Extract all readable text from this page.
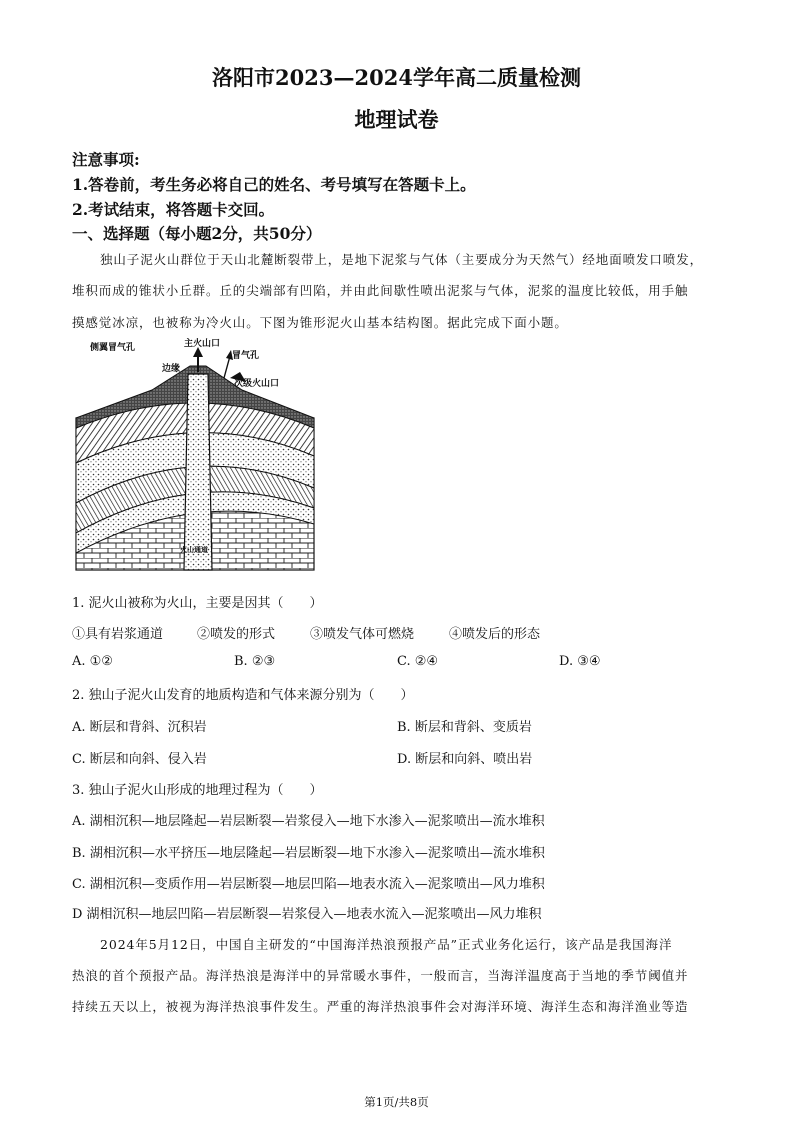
洛阳市2023—2024学年高二质量检测
地理试卷
注意事项:
1.答卷前，考生务必将自己的姓名、考号填写在答题卡上。
2.考试结束，将答题卡交回。
一、选择题（每小题2分，共50分）
独山子泥火山群位于天山北麓断裂带上，是地下泥浆与气体（主要成分为天然气）经地面喷发口喷发，
堆积而成的锥状小丘群。丘的尖端部有凹陷，并由此间歇性喷出泥浆与气体，泥浆的温度比较低，用手触
摸感觉冰凉，也被称为冷火山。下图为锥形泥火山基本结构图。据此完成下面小题。
侧翼冒气孔	主火山口
冒气孔
边缘
次级火山口
火山通道
1. 泥火山被称为火山，主要是因其（　　）
①具有岩浆通道	②喷发的形式	③喷发气体可燃烧	④喷发后的形态
A. ①②	B. ②③	C. ②④	D. ③④
2. 独山子泥火山发育的地质构造和气体来源分别为（　　）
A. 断层和背斜、沉积岩	B. 断层和背斜、变质岩
C. 断层和向斜、侵入岩	D. 断层和向斜、喷出岩
3. 独山子泥火山形成的地理过程为（　　）
A. 湖相沉积—地层隆起—岩层断裂—岩浆侵入—地下水渗入—泥浆喷出—流水堆积
B. 湖相沉积—水平挤压—地层隆起—岩层断裂—地下水渗入—泥浆喷出—流水堆积
C. 湖相沉积—变质作用—岩层断裂—地层凹陷—地表水流入—泥浆喷出—风力堆积
D 湖相沉积—地层凹陷—岩层断裂—岩浆侵入—地表水流入—泥浆喷出—风力堆积
2024年5月12日，中国自主研发的“中国海洋热浪预报产品”正式业务化运行，该产品是我国海洋
热浪的首个预报产品。海洋热浪是海洋中的异常暖水事件，一般而言，当海洋温度高于当地的季节阈值并
持续五天以上，被视为海洋热浪事件发生。严重的海洋热浪事件会对海洋环境、海洋生态和海洋渔业等造
第1页/共8页
